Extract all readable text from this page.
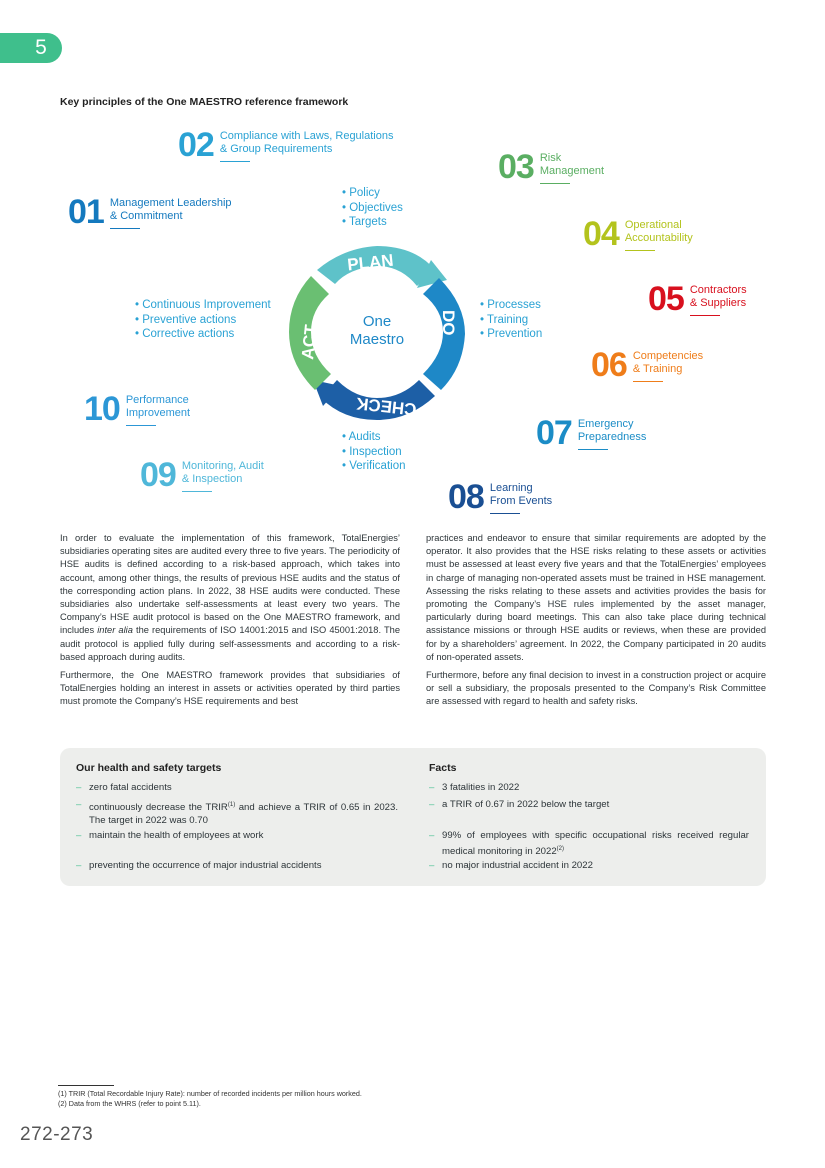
5
Key principles of the One MAESTRO reference framework
PLAN
DO
CHECK
ACT
One
Maestro
• Policy
• Objectives
• Targets
• Processes
• Training
• Prevention
• Audits
• Inspection
• Verification
• Continuous Improvement
• Preventive actions
• Corrective actions
01 Management Leadership
& Commitment
02 Compliance with Laws, Regulations
& Group Requirements	03 Risk
Management
04 Operational
Accountability
05 Contractors
& Suppliers
06 Competencies
& Training
07 Emergency
Preparedness
08 Learning
From Events
09 Monitoring, Audit
& Inspection
10 Performance
Improvement

In order to evaluate the implementation of this framework, TotalEnergies’ subsidiaries operating sites are audited every three to five years. The periodicity of HSE audits is defined according to a risk-based approach, which takes into account, among other things, the results of previous HSE audits and the status of the corresponding action plans. In 2022, 38 HSE audits were conducted. These subsidiaries also undertake self-assessments at least every two years. The Company’s HSE audit protocol is based on the One MAESTRO framework, and includes inter alia the requirements of ISO 14001:2015 and ISO 45001:2018. The audit protocol is applied fully during self-assessments and according to a risk-based approach during audits.

Furthermore, the One MAESTRO framework provides that subsidiaries of TotalEnergies holding an interest in assets or activities operated by third parties must promote the Company’s HSE requirements and best

practices and endeavor to ensure that similar requirements are adopted by the operator. It also provides that the HSE risks relating to these assets or activities must be assessed at least every five years and that the TotalEnergies’ employees in charge of managing non-operated assets must be trained in HSE management. Assessing the risks relating to these assets and activities provides the basis for promoting the Company’s HSE rules implemented by the asset manager, particularly during board meetings. This can also take place during technical assistance missions or through HSE audits or reviews, when these are provided for by a shareholders’ agreement. In 2022, the Company participated in 20 audits of non-operated assets.

Furthermore, before any final decision to invest in a construction project or acquire or sell a subsidiary, the proposals presented to the Company’s Risk Committee are assessed with regard to health and safety risks.

Our health and safety targets	Facts
– zero fatal accidents
– continuously decrease the TRIR$^{(1)}$ and achieve a TRIR of 0.65 in 2023. The target in 2022 was 0.70
– maintain the health of employees at work
– preventing the occurrence of major industrial accidents
– 3 fatalities in 2022
– a TRIR of 0.67 in 2022 below the target
– 99% of employees with specific occupational risks received regular medical monitoring in 2022$^{(2)}$
– no major industrial accident in 2022
(1) TRIR (Total Recordable Injury Rate): number of recorded incidents per million hours worked.
(2) Data from the WHRS (refer to point 5.11).
272-273
